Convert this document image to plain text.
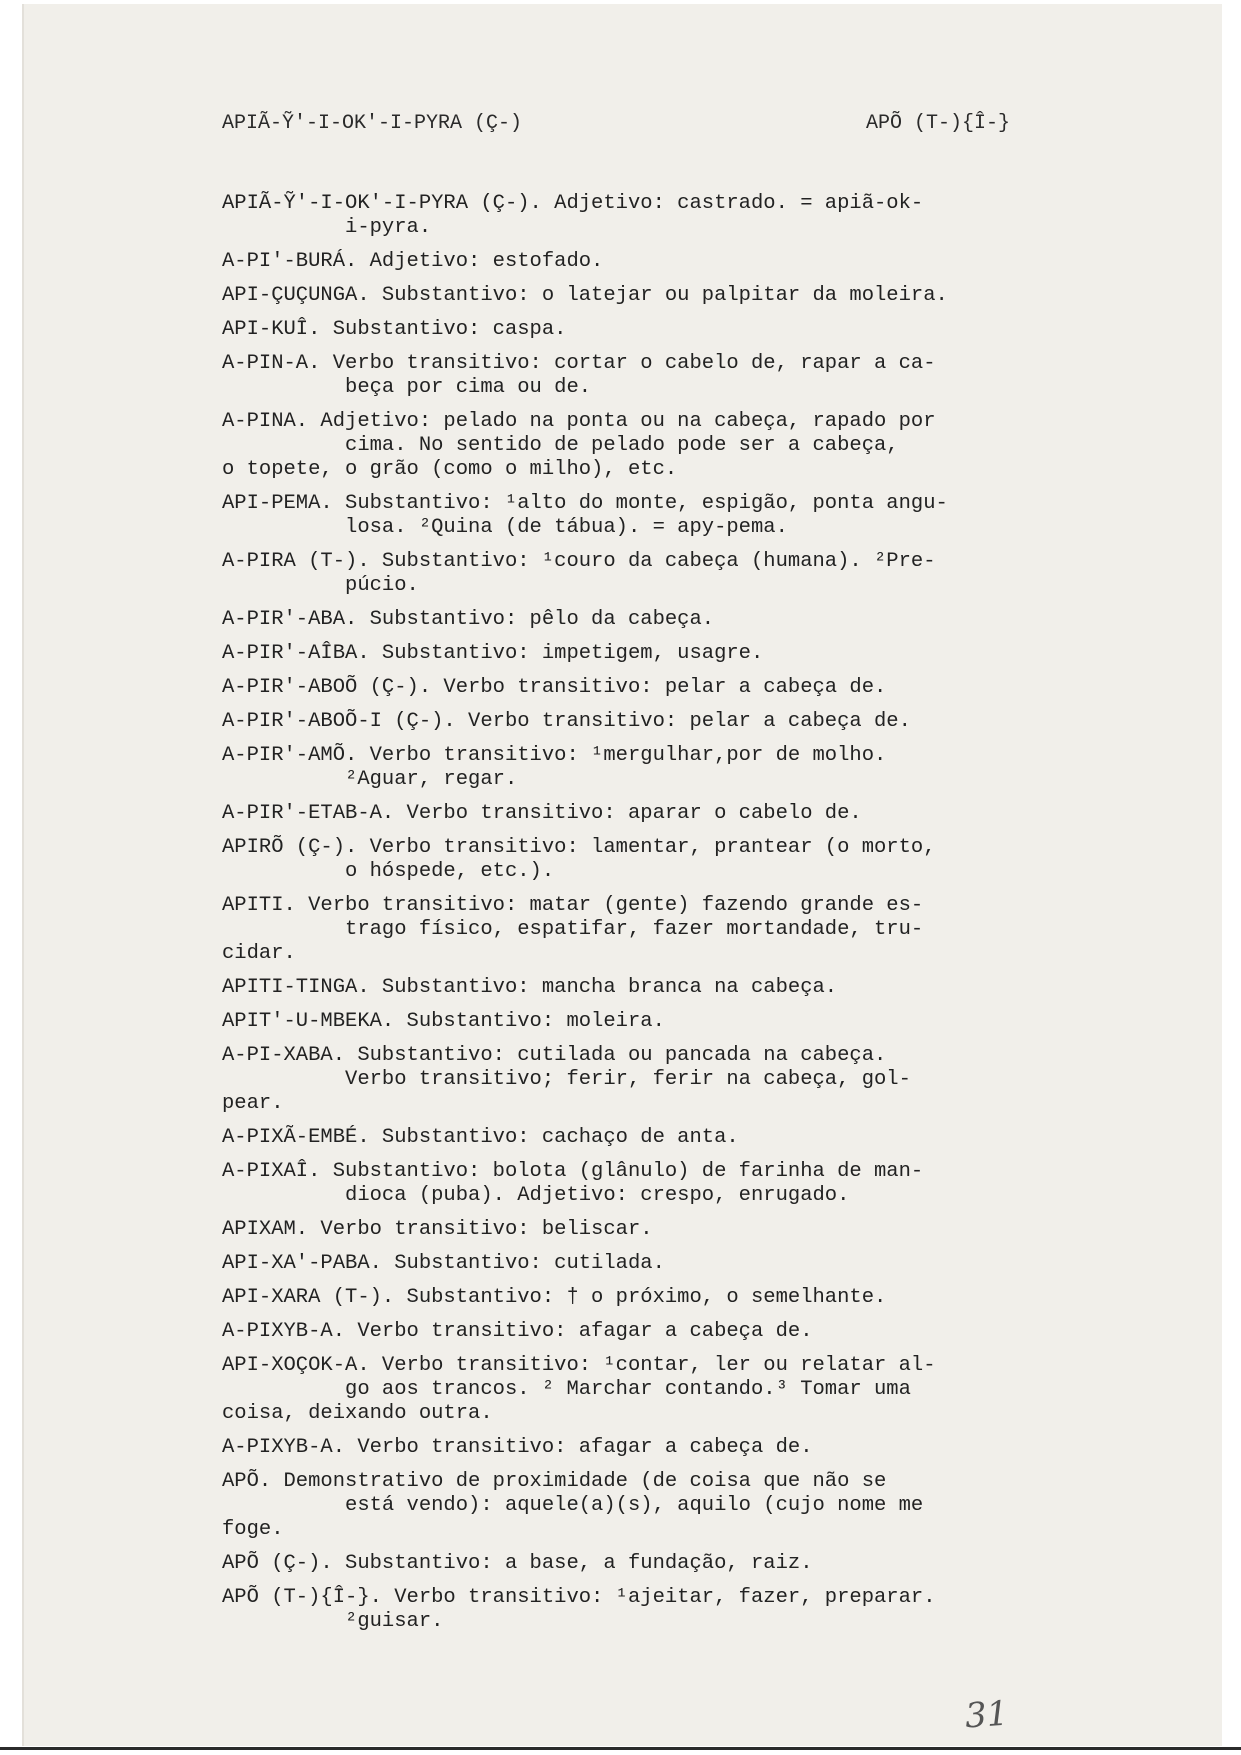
APIÃ-Ỹ'-I-OK'-I-PYRA (Ç-)	APÕ (T-){Î-}
APIÃ-Ỹ'-I-OK'-I-PYRA (Ç-). Adjetivo: castrado. = apiã-ok-
i-pyra.
A-PI'-BURÁ. Adjetivo: estofado.
API-ÇUÇUNGA. Substantivo: o latejar ou palpitar da moleira.
API-KUÎ. Substantivo: caspa.
A-PIN-A. Verbo transitivo: cortar o cabelo de, rapar a ca-
beça por cima ou de.
A-PINA. Adjetivo: pelado na ponta ou na cabeça, rapado por
cima. No sentido de pelado pode ser a cabeça,
o topete, o grão (como o milho), etc.
API-PEMA. Substantivo: ¹alto do monte, espigão, ponta angu-
losa. ²Quina (de tábua). = apy-pema.
A-PIRA (T-). Substantivo: ¹couro da cabeça (humana). ²Pre-
púcio.
A-PIR'-ABA. Substantivo: pêlo da cabeça.
A-PIR'-AÎBA. Substantivo: impetigem, usagre.
A-PIR'-ABOÕ (Ç-). Verbo transitivo: pelar a cabeça de.
A-PIR'-ABOÕ-I (Ç-). Verbo transitivo: pelar a cabeça de.
A-PIR'-AMÕ. Verbo transitivo: ¹mergulhar,por de molho.
²Aguar, regar.
A-PIR'-ETAB-A. Verbo transitivo: aparar o cabelo de.
APIRÕ (Ç-). Verbo transitivo: lamentar, prantear (o morto,
o hóspede, etc.).
APITI. Verbo transitivo: matar (gente) fazendo grande es-
trago físico, espatifar, fazer mortandade, tru-
cidar.
APITI-TINGA. Substantivo: mancha branca na cabeça.
APIT'-U-MBEKA. Substantivo: moleira.
A-PI-XABA. Substantivo: cutilada ou pancada na cabeça.
Verbo transitivo; ferir, ferir na cabeça, gol-
pear.
A-PIXÃ-EMBÉ. Substantivo: cachaço de anta.
A-PIXAÎ. Substantivo: bolota (glânulo) de farinha de man-
dioca (puba). Adjetivo: crespo, enrugado.
APIXAM. Verbo transitivo: beliscar.
API-XA'-PABA. Substantivo: cutilada.
API-XARA (T-). Substantivo: † o próximo, o semelhante.
A-PIXYB-A. Verbo transitivo: afagar a cabeça de.
API-XOÇOK-A. Verbo transitivo: ¹contar, ler ou relatar al-
go aos trancos. ² Marchar contando.³ Tomar uma
coisa, deixando outra.
A-PIXYB-A. Verbo transitivo: afagar a cabeça de.
APÕ. Demonstrativo de proximidade (de coisa que não se
está vendo): aquele(a)(s), aquilo (cujo nome me
foge.
APÕ (Ç-). Substantivo: a base, a fundação, raiz.
APÕ (T-){Î-}. Verbo transitivo: ¹ajeitar, fazer, preparar.
²guisar.
31
